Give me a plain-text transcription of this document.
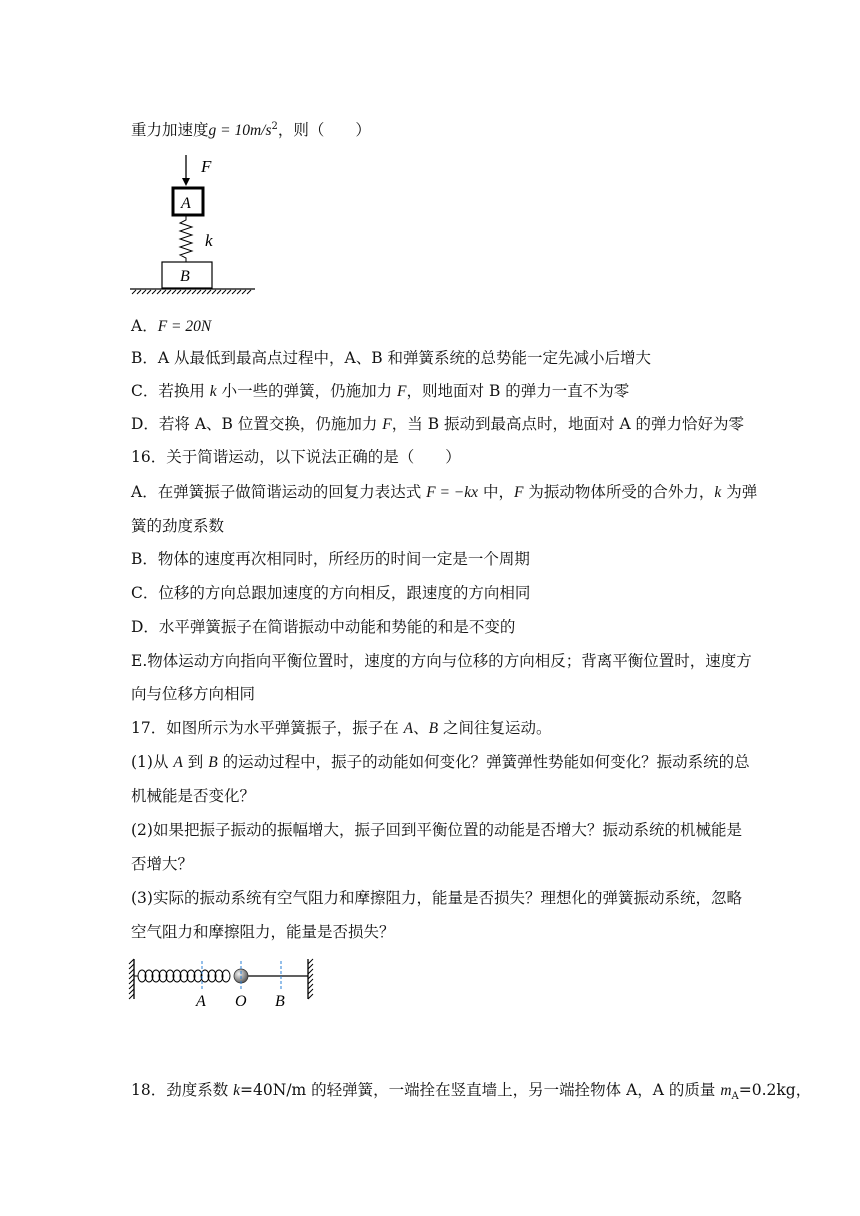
重力加速度$g = 10m/s^2$，则（　　）
F
A
k
B
A．F = 20N
B．A 从最低到最高点过程中，A、B 和弹簧系统的总势能一定先减小后增大
C．若换用 k 小一些的弹簧，仍施加力 F，则地面对 B 的弹力一直不为零
D．若将 A、B 位置交换，仍施加力 F，当 B 振动到最高点时，地面对 A 的弹力恰好为零
16．关于简谐运动，以下说法正确的是（　　）
A．在弹簧振子做简谐运动的回复力表达式 F = −kx 中，F 为振动物体所受的合外力，k 为弹
簧的劲度系数
B．物体的速度再次相同时，所经历的时间一定是一个周期
C．位移的方向总跟加速度的方向相反，跟速度的方向相同
D．水平弹簧振子在简谐振动中动能和势能的和是不变的
E.物体运动方向指向平衡位置时，速度的方向与位移的方向相反；背离平衡位置时，速度方
向与位移方向相同
17．如图所示为水平弹簧振子，振子在 A、B 之间往复运动。
(1)从 A 到 B 的运动过程中，振子的动能如何变化？弹簧弹性势能如何变化？振动系统的总
机械能是否变化？
(2)如果把振子振动的振幅增大，振子回到平衡位置的动能是否增大？振动系统的机械能是
否增大？
(3)实际的振动系统有空气阻力和摩擦阻力，能量是否损失？理想化的弹簧振动系统，忽略
空气阻力和摩擦阻力，能量是否损失？
A O B
18．劲度系数 k=40N/m 的轻弹簧，一端拴在竖直墙上，另一端拴物体 A，A 的质量 $m_A=0.2kg$，
